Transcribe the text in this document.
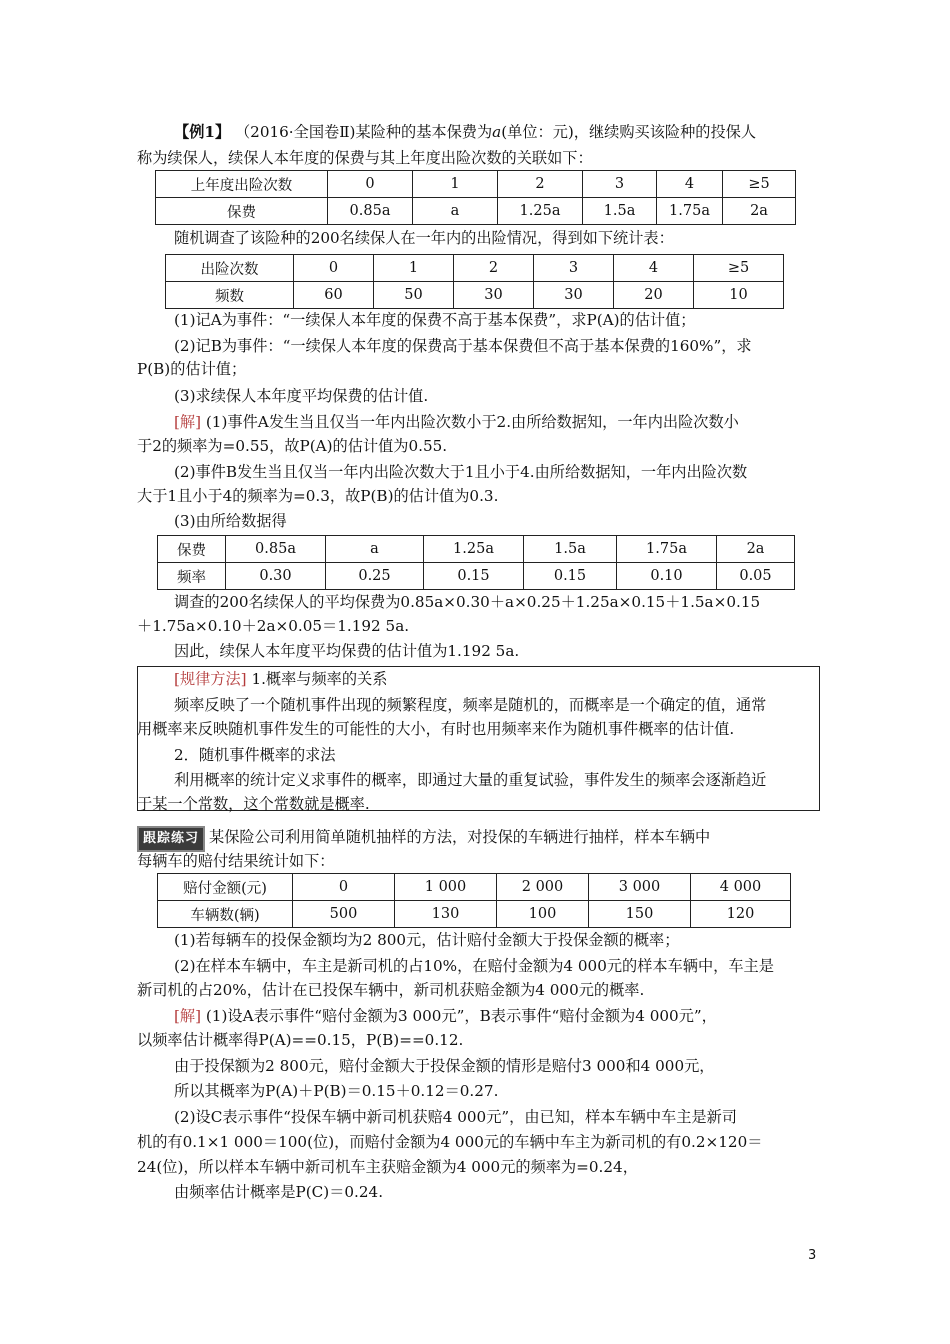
【例1】 （2016·全国卷Ⅱ)某险种的基本保费为a(单位：元)，继续购买该险种的投保人
称为续保人，续保人本年度的保费与其上年度出险次数的关联如下：
上年度出险次数	0	1	2	3	4	≥5
保费	0.85a	a	1.25a	1.5a	1.75a	2a
随机调查了该险种的200名续保人在一年内的出险情况，得到如下统计表：
出险次数	0	1	2	3	4	≥5
频数	60	50	30	30	20	10
(1)记A为事件：“一续保人本年度的保费不高于基本保费”，求P(A)的估计值；
(2)记B为事件：“一续保人本年度的保费高于基本保费但不高于基本保费的160%”，求
P(B)的估计值；
(3)求续保人本年度平均保费的估计值.
[解] (1)事件A发生当且仅当一年内出险次数小于2.由所给数据知，一年内出险次数小
于2的频率为=0.55，故P(A)的估计值为0.55.
(2)事件B发生当且仅当一年内出险次数大于1且小于4.由所给数据知，一年内出险次数
大于1且小于4的频率为=0.3，故P(B)的估计值为0.3.
(3)由所给数据得
保费	0.85a	a	1.25a	1.5a	1.75a	2a
频率	0.30	0.25	0.15	0.15	0.10	0.05
调查的200名续保人的平均保费为0.85a×0.30＋a×0.25＋1.25a×0.15＋1.5a×0.15
＋1.75a×0.10＋2a×0.05＝1.192 5a.
因此，续保人本年度平均保费的估计值为1.192 5a.
[规律方法] 1.概率与频率的关系
频率反映了一个随机事件出现的频繁程度，频率是随机的，而概率是一个确定的值，通常
用概率来反映随机事件发生的可能性的大小，有时也用频率来作为随机事件概率的估计值.
2．随机事件概率的求法
利用概率的统计定义求事件的概率，即通过大量的重复试验，事件发生的频率会逐渐趋近
于某一个常数，这个常数就是概率.
跟踪练习 某保险公司利用简单随机抽样的方法，对投保的车辆进行抽样，样本车辆中
每辆车的赔付结果统计如下：
赔付金额(元)	0	1 000	2 000	3 000	4 000
车辆数(辆)	500	130	100	150	120
(1)若每辆车的投保金额均为2 800元，估计赔付金额大于投保金额的概率；
(2)在样本车辆中，车主是新司机的占10%，在赔付金额为4 000元的样本车辆中，车主是
新司机的占20%，估计在已投保车辆中，新司机获赔金额为4 000元的概率.
[解] (1)设A表示事件“赔付金额为3 000元”，B表示事件“赔付金额为4 000元”，
以频率估计概率得P(A)==0.15，P(B)==0.12.
由于投保额为2 800元，赔付金额大于投保金额的情形是赔付3 000和4 000元，
所以其概率为P(A)＋P(B)＝0.15＋0.12＝0.27.
(2)设C表示事件“投保车辆中新司机获赔4 000元”，由已知，样本车辆中车主是新司
机的有0.1×1 000＝100(位)，而赔付金额为4 000元的车辆中车主为新司机的有0.2×120＝
24(位)，所以样本车辆中新司机车主获赔金额为4 000元的频率为=0.24，
由频率估计概率是P(C)＝0.24.
3
